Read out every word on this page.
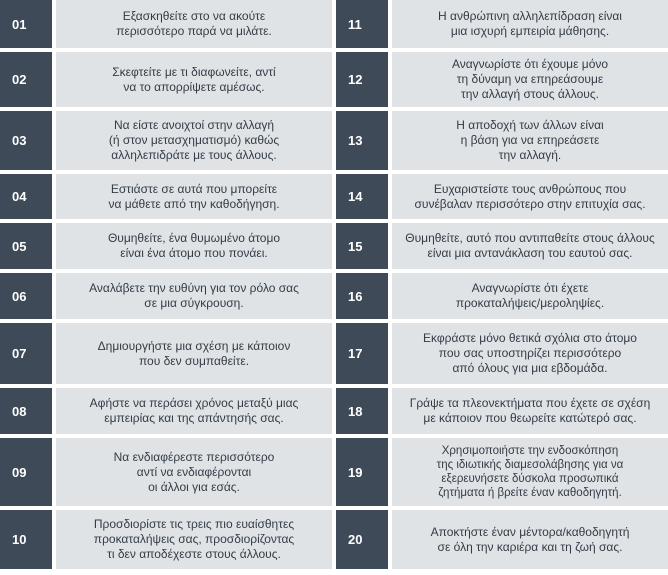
01
Εξασκηθείτε στο να ακούτε
περισσότερο παρά να μιλάτε.
02
Σκεφτείτε με τι διαφωνείτε, αντί
να το απορρίψετε αμέσως.
03
Να είστε ανοιχτοί στην αλλαγή
(ή στον μετασχηματισμό) καθώς
αλληλεπιδράτε με τους άλλους.
04
Εστιάστε σε αυτά που μπορείτε
να μάθετε από την καθοδήγηση.
05
Θυμηθείτε, ένα θυμωμένο άτομο
είναι ένα άτομο που πονάει.
06
Αναλάβετε την ευθύνη για τον ρόλο σας
σε μια σύγκρουση.
07
Δημιουργήστε μια σχέση με κάποιον
που δεν συμπαθείτε.
08
Αφήστε να περάσει χρόνος μεταξύ μιας
εμπειρίας και της απάντησής σας.
09
Να ενδιαφέρεστε περισσότερο
αντί να ενδιαφέρονται
οι άλλοι για εσάς.
10
Προσδιορίστε τις τρεις πιο ευαίσθητες
προκαταλήψεις σας, προσδιορίζοντας
τι δεν αποδέχεστε στους άλλους.
11
Η ανθρώπινη αλληλεπίδραση είναι
μια ισχυρή εμπειρία μάθησης.
12
Αναγνωρίστε ότι έχουμε μόνο
τη δύναμη να επηρεάσουμε
την αλλαγή στους άλλους.
13
Η αποδοχή των άλλων είναι
η βάση για να επηρεάσετε
την αλλαγή.
14
Ευχαριστείστε τους ανθρώπους που
συνέβαλαν περισσότερο στην επιτυχία σας.
15
Θυμηθείτε, αυτό που αντιπαθείτε στους άλλους
είναι μια αντανάκλαση του εαυτού σας.
16
Αναγνωρίστε ότι έχετε
προκαταλήψεις/μεροληψίες.
17
Εκφράστε μόνο θετικά σχόλια στο άτομο
που σας υποστηρίζει περισσότερο
από όλους για μια εβδομάδα.
18
Γράψε τα πλεονεκτήματα που έχετε σε σχέση
με κάποιον που θεωρείτε κατώτερό σας.
19
Χρησιμοποιήστε την ενδοσκόπηση
της ιδιωτικής διαμεσολάβησης για να
εξερευνήσετε δύσκολα προσωπικά
ζητήματα ή βρείτε έναν καθοδηγητή.
20
Αποκτήστε έναν μέντορα/καθοδηγητή
σε όλη την καριέρα και τη ζωή σας.
